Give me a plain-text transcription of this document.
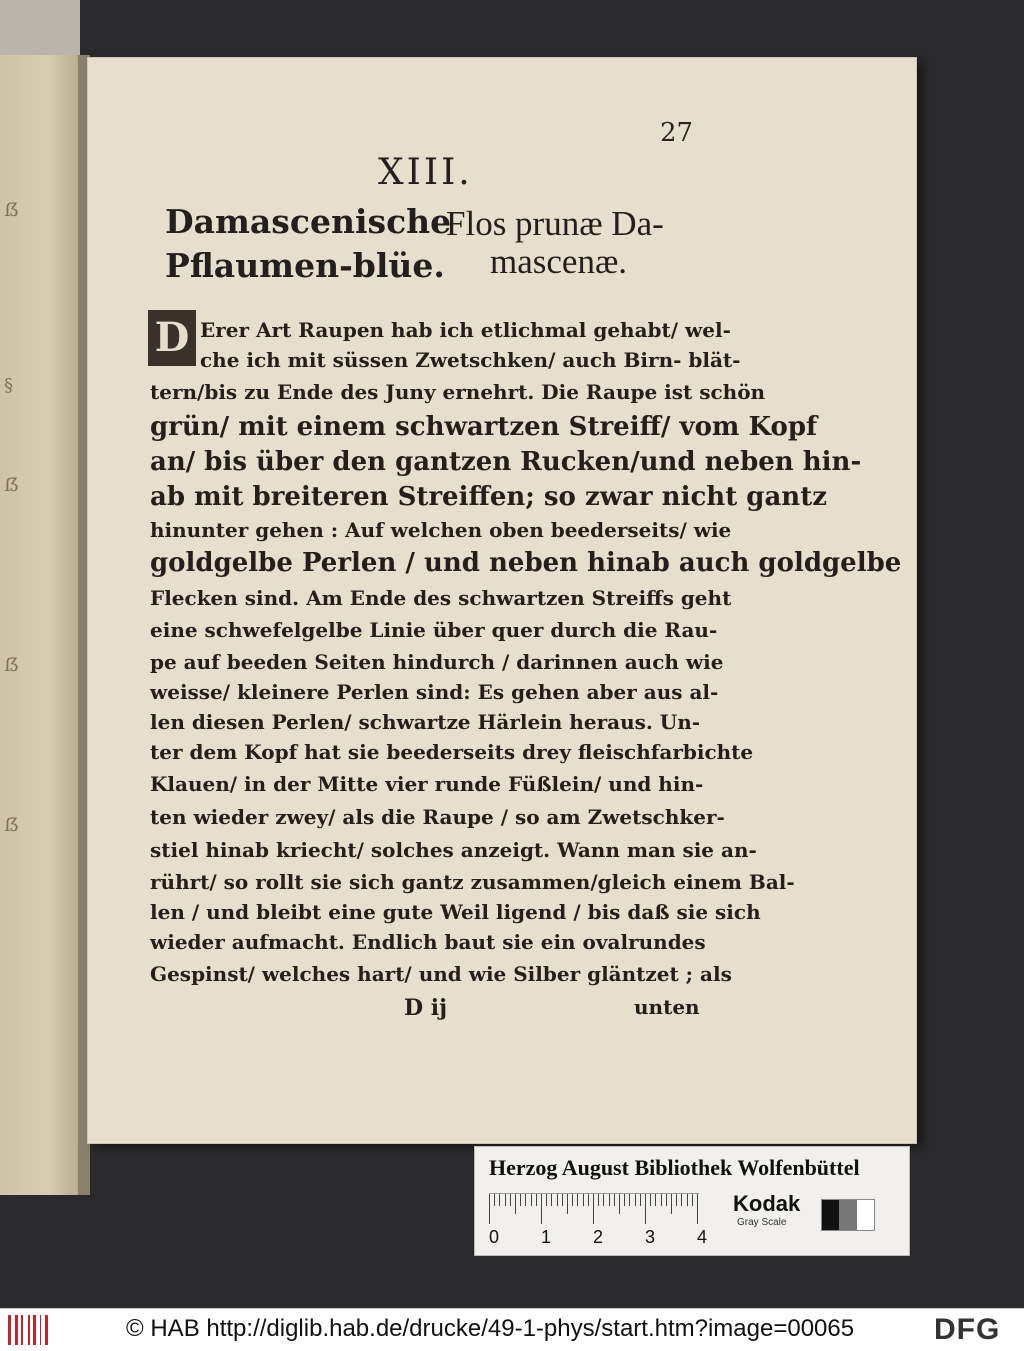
ẞ
§
ẞ
ẞ
ẞ
27
XIII.
Damascenische
Pflaumen-blüe.
Flos prunæ Da-
mascenæ.
D Erer Art Raupen hab ich etlichmal gehabt/ wel-
che ich mit süssen Zwetschken/ auch Birn- blät-
tern/bis zu Ende des Juny ernehrt. Die Raupe ist schön
grün/ mit einem schwartzen Streiff/ vom Kopf
an/ bis über den gantzen Rucken/und neben hin-
ab mit breiteren Streiffen; so zwar nicht gantz
hinunter gehen : Auf welchen oben beederseits/ wie
goldgelbe Perlen / und neben hinab auch goldgelbe
Flecken sind. Am Ende des schwartzen Streiffs geht
eine schwefelgelbe Linie über quer durch die Rau-
pe auf beeden Seiten hindurch / darinnen auch wie
weisse/ kleinere Perlen sind: Es gehen aber aus al-
len diesen Perlen/ schwartze Härlein heraus. Un-
ter dem Kopf hat sie beederseits drey fleischfarbichte
Klauen/ in der Mitte vier runde Füßlein/ und hin-
ten wieder zwey/ als die Raupe / so am Zwetschker-
stiel hinab kriecht/ solches anzeigt. Wann man sie an-
rührt/ so rollt sie sich gantz zusammen/gleich einem Bal-
len / und bleibt eine gute Weil ligend / bis daß sie sich
wieder aufmacht. Endlich baut sie ein ovalrundes
Gespinst/ welches hart/ und wie Silber gläntzet ; als
D ij	unten
Herzog August Bibliothek Wolfenbüttel
0 1 2 3 4
Kodak
Gray Scale
© HAB http://diglib.hab.de/drucke/49-1-phys/start.htm?image=00065	DFG
